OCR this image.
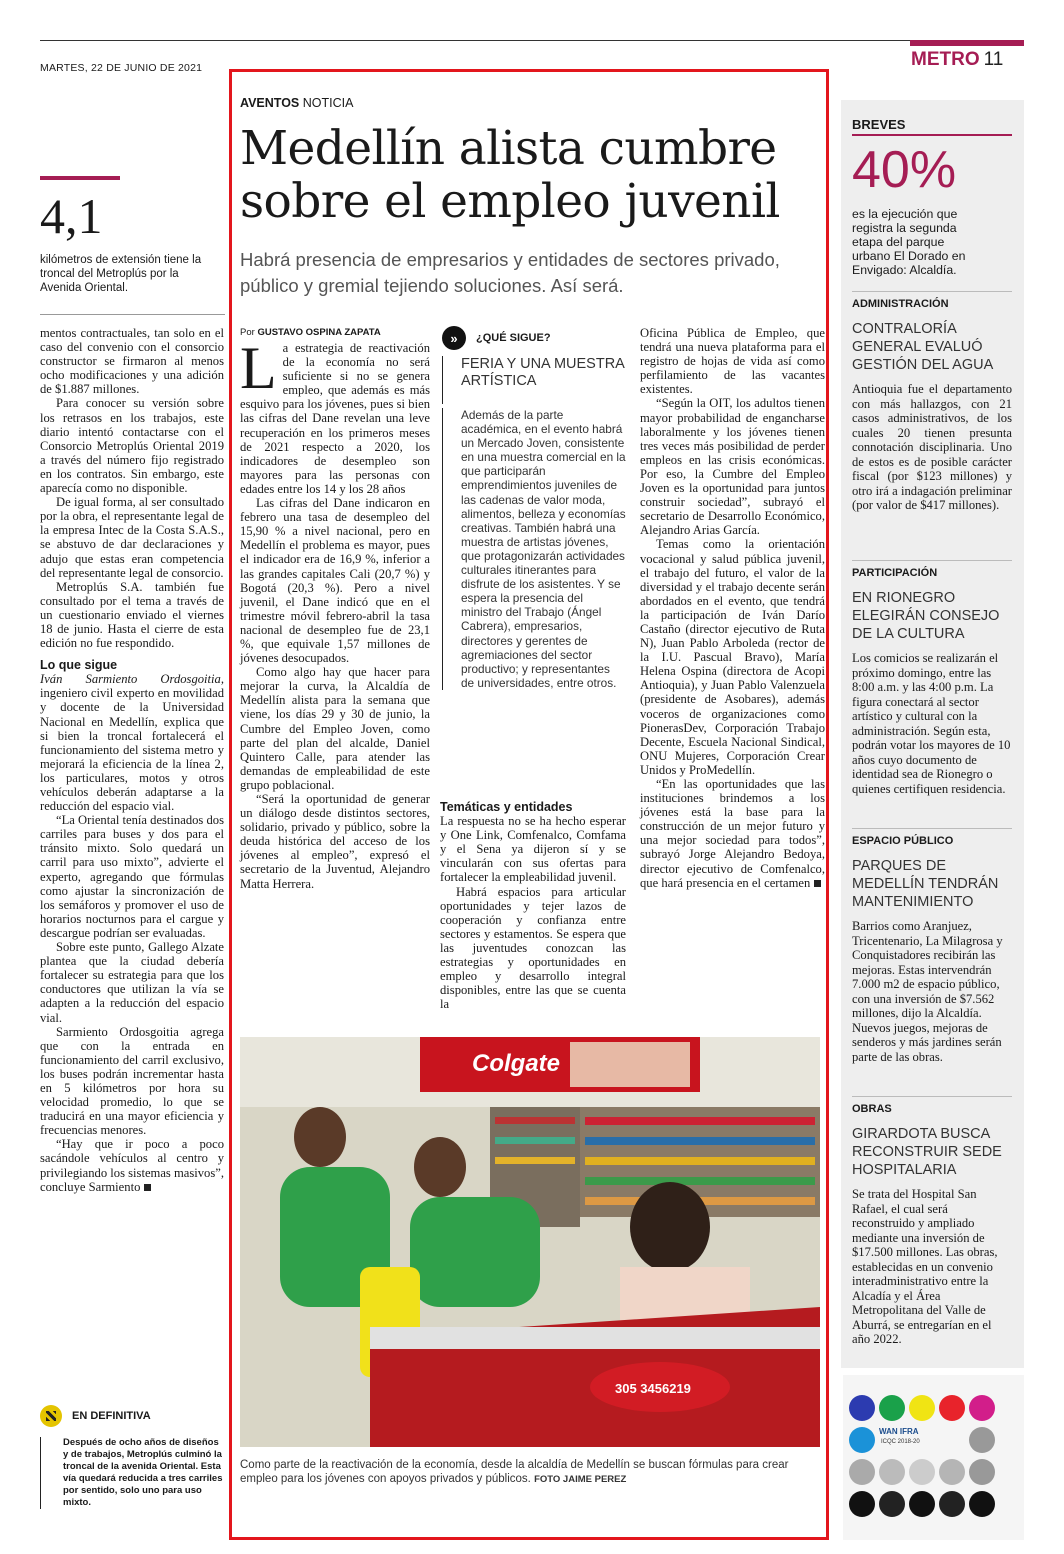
MARTES, 22 DE JUNIO DE 2021	METRO 11
4,1
kilómetros de extensión tiene la troncal del Metroplús por la Avenida Oriental.

mentos contractuales, tan solo en el caso del convenio con el consorcio constructor se firmaron al menos ocho modificaciones y una adición de $1.887 millones.

Para conocer su versión sobre los retrasos en los trabajos, este diario intentó contactarse con el Consorcio Metroplús Oriental 2019 a través del número fijo registrado en los contratos. Sin embargo, este aparecía como no disponible.

De igual forma, al ser consultado por la obra, el representante legal de la empresa Intec de la Costa S.A.S., se abstuvo de dar declaraciones y adujo que estas eran competencia del representante legal de consorcio.

Metroplús S.A. también fue consultado por el tema a través de un cuestionario enviado el viernes 18 de junio. Hasta el cierre de esta edición no fue respondido.

Lo que sigue

Iván Sarmiento Ordosgoitia, ingeniero civil experto en movilidad y docente de la Universidad Nacional en Medellín, explica que si bien la troncal fortalecerá el funcionamiento del sistema metro y mejorará la eficiencia de la línea 2, los particulares, motos y otros vehículos deberán adaptarse a la reducción del espacio vial.

“La Oriental tenía destinados dos carriles para buses y dos para el tránsito mixto. Solo quedará un carril para uso mixto”, advierte el experto, agregando que fórmulas como ajustar la sincronización de los semáforos y promover el uso de horarios nocturnos para el cargue y descargue podrían ser evaluadas.

Sobre este punto, Gallego Alzate plantea que la ciudad debería fortalecer su estrategia para que los conductores que utilizan la vía se adapten a la reducción del espacio vial.

Sarmiento Ordosgoitia agrega que con la entrada en funcionamiento del carril exclusivo, los buses podrán incrementar hasta en 5 kilómetros por hora su velocidad promedio, lo que se traducirá en una mayor eficiencia y frecuencias menores.

“Hay que ir poco a poco sacándole vehículos al centro y privilegiando los sistemas masivos”, concluye Sarmiento

EN DEFINITIVA
Después de ocho años de diseños y de trabajos, Metroplús culminó la troncal de la avenida Oriental. Esta vía quedará reducida a tres carriles por sentido, solo uno para uso mixto.
AVENTOS NOTICIA
Medellín alista cumbre sobre el empleo juvenil
Habrá presencia de empresarios y entidades de sectores privado, público y gremial tejiendo soluciones. Así será.
Por GUSTAVO OSPINA ZAPATA
L a estrategia de reactivación de la economía no será suficiente si no se genera empleo, que además es más esquivo para los jóvenes, pues si bien las cifras del Dane revelan una leve recuperación en los primeros meses de 2021 respecto a 2020, los indicadores de desempleo son mayores para las personas con edades entre los 14 y los 28 años

Las cifras del Dane indicaron en febrero una tasa de desempleo del 15,90 % a nivel nacional, pero en Medellín el problema es mayor, pues el indicador era de 16,9 %, inferior a las grandes capitales Cali (20,7 %) y Bogotá (20,3 %). Pero a nivel juvenil, el Dane indicó que en el trimestre móvil febrero-abril la tasa nacional de desempleo fue de 23,1 %, que equivale 1,57 millones de jóvenes desocupados.

Como algo hay que hacer para mejorar la curva, la Alcaldía de Medellín alista para la semana que viene, los días 29 y 30 de junio, la Cumbre del Empleo Joven, como parte del plan del alcalde, Daniel Quintero Calle, para atender las demandas de empleabilidad de este grupo poblacional.

“Será la oportunidad de generar un diálogo desde distintos sectores, solidario, privado y público, sobre la deuda histórica del acceso de los jóvenes al empleo”, expresó el secretario de la Juventud, Alejandro Matta Herrera.

»	¿QUÉ SIGUE?
FERIA Y UNA MUESTRA ARTÍSTICA
Además de la parte académica, en el evento habrá un Mercado Joven, consistente en una muestra comercial en la que participarán emprendimientos juveniles de las cadenas de valor moda, alimentos, belleza y economías creativas. También habrá una muestra de artistas jóvenes, que protagonizarán actividades culturales itinerantes para disfrute de los asistentes. Y se espera la presencia del ministro del Trabajo (Ángel Cabrera), empresarios, directores y gerentes de agremiaciones del sector productivo; y representantes de universidades, entre otros.
Temáticas y entidades

La respuesta no se ha hecho esperar y One Link, Comfenalco, Comfama y el Sena ya dijeron sí y se vincularán con sus ofertas para fortalecer la empleabilidad juvenil.

Habrá espacios para articular oportunidades y tejer lazos de cooperación y confianza entre sectores y estamentos. Se espera que las juventudes conozcan las estrategias y oportunidades en empleo y desarrollo integral disponibles, entre las que se cuenta la

Oficina Pública de Empleo, que tendrá una nueva plataforma para el registro de hojas de vida así como perfilamiento de las vacantes existentes.

“Según la OIT, los adultos tienen mayor probabilidad de engancharse laboralmente y los jóvenes tienen tres veces más posibilidad de perder empleos en las crisis económicas. Por eso, la Cumbre del Empleo Joven es la oportunidad para juntos construir sociedad”, subrayó el secretario de Desarrollo Económico, Alejandro Arias García.

Temas como la orientación vocacional y salud pública juvenil, el trabajo del futuro, el valor de la diversidad y el trabajo decente serán abordados en el evento, que tendrá la participación de Iván Darío Castaño (director ejecutivo de Ruta N), Juan Pablo Arboleda (rector de la I.U. Pascual Bravo), María Helena Ospina (directora de Acopi Antioquia), y Juan Pablo Valenzuela (presidente de Asobares), además voceros de organizaciones como PionerasDev, Corporación Trabajo Decente, Escuela Nacional Sindical, ONU Mujeres, Corporación Crear Unidos y ProMedellín.

“En las oportunidades que las instituciones brindemos a los jóvenes está la base para la construcción de un mejor futuro y una mejor sociedad para todos”, subrayó Jorge Alejandro Bedoya, director ejecutivo de Comfenalco, que hará presencia en el certamen

Colgate
305 3456219
Como parte de la reactivación de la economía, desde la alcaldía de Medellín se buscan fórmulas para crear empleo para los jóvenes con apoyos privados y públicos. FOTO JAIME PEREZ
BREVES
40%
es la ejecución que registra la segunda etapa del parque urbano El Dorado en Envigado: Alcaldía.
ADMINISTRACIÓN
CONTRALORÍA GENERAL EVALUÓ GESTIÓN DEL AGUA
Antioquia fue el departamento con más hallazgos, con 21 casos administrativos, de los cuales 20 tienen presunta connotación disciplinaria. Uno de estos es de posible carácter fiscal (por $123 millones) y otro irá a indagación preliminar (por valor de $417 millones).
PARTICIPACIÓN
EN RIONEGRO ELEGIRÁN CONSEJO DE LA CULTURA
Los comicios se realizarán el próximo domingo, entre las 8:00 a.m. y las 4:00 p.m. La figura conectará al sector artístico y cultural con la administración. Según esta, podrán votar los mayores de 10 años cuyo documento de identidad sea de Rionegro o quienes certifiquen residencia.
ESPACIO PÚBLICO
PARQUES DE MEDELLÍN TENDRÁN MANTENIMIENTO
Barrios como Aranjuez, Tricentenario, La Milagrosa y Conquistadores recibirán las mejoras. Estas intervendrán 7.000 m2 de espacio público, con una inversión de $7.562 millones, dijo la Alcaldía. Nuevos juegos, mejoras de senderos y más jardines serán parte de las obras.
OBRAS
GIRARDOTA BUSCA RECONSTRUIR SEDE HOSPITALARIA
Se trata del Hospital San Rafael, el cual será reconstruido y ampliado mediante una inversión de $17.500 millones. Las obras, establecidas en un convenio interadministrativo entre la Alcadía y el Área Metropolitana del Valle de Aburrá, se entregarían en el año 2022.
WAN IFRA
ICQC 2018-20
